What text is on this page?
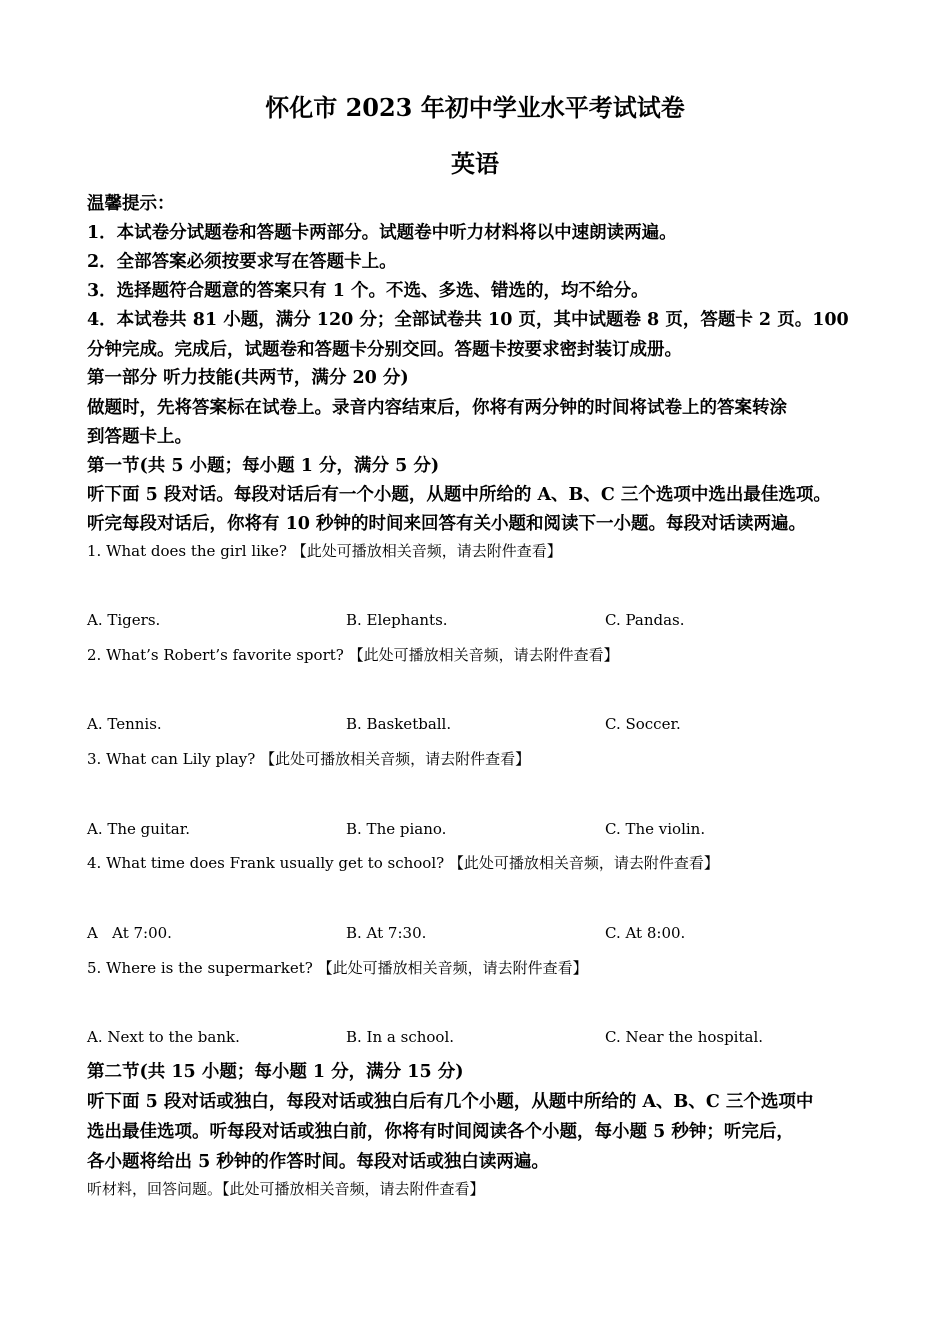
怀化市 2023 年初中学业水平考试试卷
英语
温馨提示：
1．本试卷分试题卷和答题卡两部分。试题卷中听力材料将以中速朗读两遍。
2．全部答案必须按要求写在答题卡上。
3．选择题符合题意的答案只有 1 个。不选、多选、错选的，均不给分。
4．本试卷共 81 小题，满分 120 分；全部试卷共 10 页，其中试题卷 8 页，答题卡 2 页。100
分钟完成。完成后，试题卷和答题卡分别交回。答题卡按要求密封装订成册。
第一部分 听力技能(共两节，满分 20 分)
做题时，先将答案标在试卷上。录音内容结束后，你将有两分钟的时间将试卷上的答案转涂
到答题卡上。
第一节(共 5 小题；每小题 1 分，满分 5 分)
听下面 5 段对话。每段对话后有一个小题，从题中所给的 A、B、C 三个选项中选出最佳选项。
听完每段对话后，你将有 10 秒钟的时间来回答有关小题和阅读下一小题。每段对话读两遍。
1. What does the girl like? 【此处可播放相关音频，请去附件查看】
A. Tigers.	B. Elephants.	C. Pandas.
2. What’s Robert’s favorite sport? 【此处可播放相关音频，请去附件查看】
A. Tennis.	B. Basketball.	C. Soccer.
3. What can Lily play? 【此处可播放相关音频，请去附件查看】
A. The guitar.	B. The piano.	C. The violin.
4. What time does Frank usually get to school? 【此处可播放相关音频，请去附件查看】
A   At 7:00.	B. At 7:30.	C. At 8:00.
5. Where is the supermarket? 【此处可播放相关音频，请去附件查看】
A. Next to the bank.	B. In a school.	C. Near the hospital.
第二节(共 15 小题；每小题 1 分，满分 15 分)
听下面 5 段对话或独白，每段对话或独白后有几个小题，从题中所给的 A、B、C 三个选项中
选出最佳选项。听每段对话或独白前，你将有时间阅读各个小题，每小题 5 秒钟；听完后，
各小题将给出 5 秒钟的作答时间。每段对话或独白读两遍。
听材料，回答问题。【此处可播放相关音频，请去附件查看】
